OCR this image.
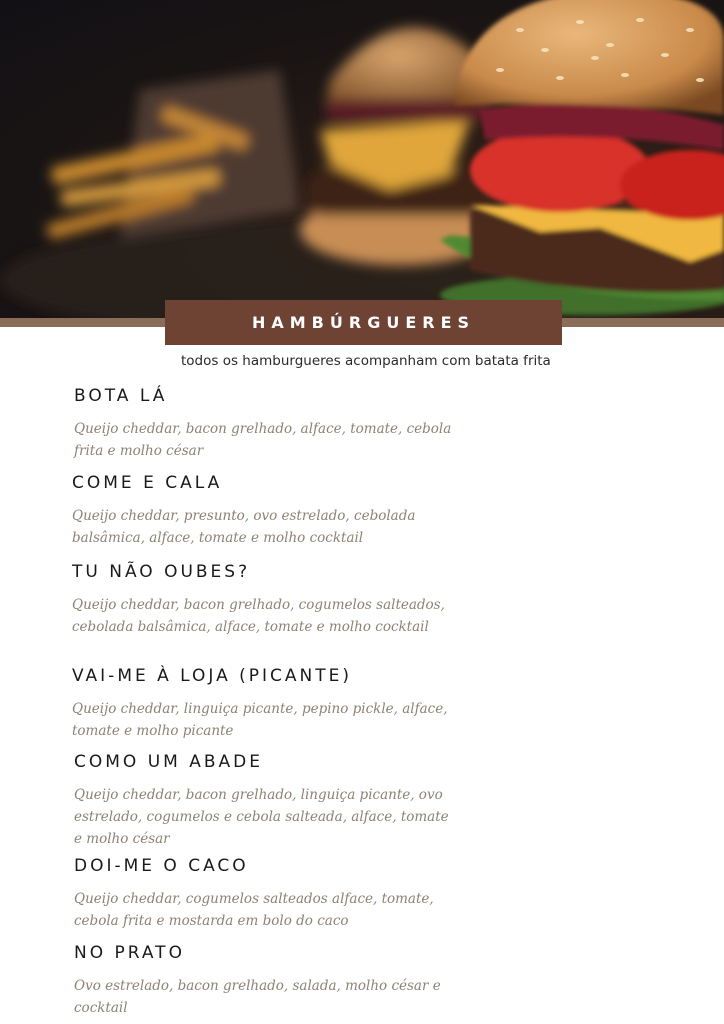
HAMBÚRGUERES
todos os hamburgueres acompanham com batata frita
BOTA LÁ
Queijo cheddar, bacon grelhado, alface, tomate, cebola frita e molho césar
COME E CALA
Queijo cheddar, presunto, ovo estrelado, cebolada balsâmica, alface, tomate e molho cocktail
TU NÃO OUBES?
Queijo cheddar, bacon grelhado, cogumelos salteados, cebolada balsâmica, alface, tomate e molho cocktail
VAI-ME À LOJA (PICANTE)
Queijo cheddar, linguiça picante, pepino pickle, alface, tomate e molho picante
COMO UM ABADE
Queijo cheddar, bacon grelhado, linguiça picante, ovo estrelado, cogumelos e cebola salteada, alface, tomate e molho césar
DOI-ME O CACO
Queijo cheddar, cogumelos salteados alface, tomate, cebola frita e mostarda em bolo do caco
NO PRATO
Ovo estrelado, bacon grelhado, salada, molho césar e cocktail
